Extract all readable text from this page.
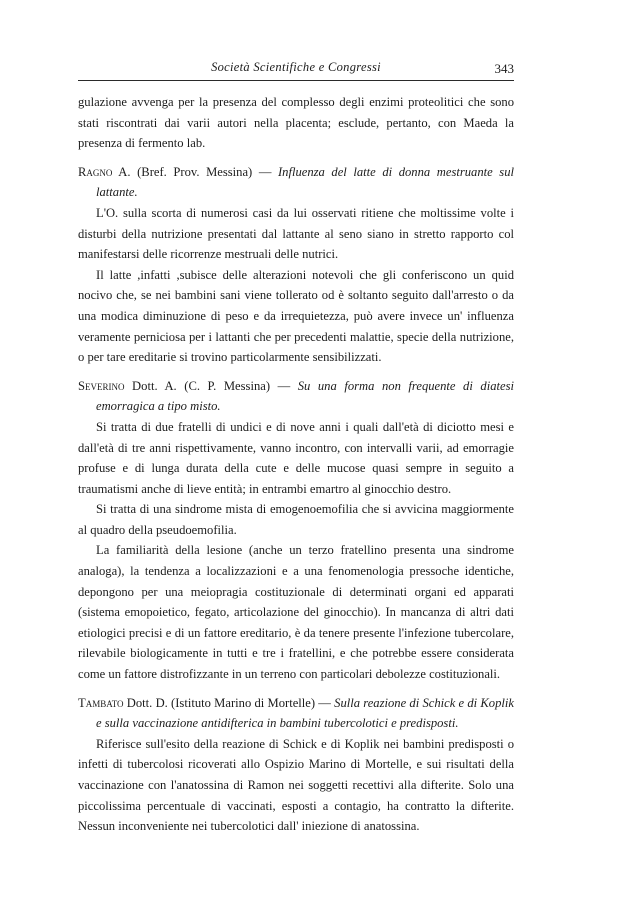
Società Scientifiche e Congressi	343

gulazione avvenga per la presenza del complesso degli enzimi proteolitici che sono stati riscontrati dai varii autori nella placenta; esclude, pertanto, con Maeda la presenza di fermento lab.

Ragno A. (Bref. Prov. Messina) — Influenza del latte di donna mestruante sul lattante.

L'O. sulla scorta di numerosi casi da lui osservati ritiene che moltissime volte i disturbi della nutrizione presentati dal lattante al seno siano in stretto rapporto col manifestarsi delle ricorrenze mestruali delle nutrici.

Il latte ,infatti ,subisce delle alterazioni notevoli che gli conferiscono un quid nocivo che, se nei bambini sani viene tollerato od è soltanto seguito dall'arresto o da una modica diminuzione di peso e da irrequietezza, può avere invece un' influenza veramente perniciosa per i lattanti che per precedenti malattie, specie della nutrizione, o per tare ereditarie si trovino particolarmente sensibilizzati.

Severino Dott. A. (C. P. Messina) — Su una forma non frequente di diatesi emorragica a tipo misto.

Si tratta di due fratelli di undici e di nove anni i quali dall'età di diciotto mesi e dall'età di tre anni rispettivamente, vanno incontro, con intervalli varii, ad emorragie profuse e di lunga durata della cute e delle mucose quasi sempre in seguito a traumatismi anche di lieve entità; in entrambi emartro al ginocchio destro.

Si tratta di una sindrome mista di emogenoemofilia che si avvicina maggiormente al quadro della pseudoemofilia.

La familiarità della lesione (anche un terzo fratellino presenta una sindrome analoga), la tendenza a localizzazioni e a una fenomenologia pressoche identiche, depongono per una meiopragia costituzionale di determinati organi ed apparati (sistema emopoietico, fegato, articolazione del ginocchio). In mancanza di altri dati etiologici precisi e di un fattore ereditario, è da tenere presente l'infezione tubercolare, rilevabile biologicamente in tutti e tre i fratellini, e che potrebbe essere considerata come un fattore distrofizzante in un terreno con particolari debolezze costituzionali.

Tambato Dott. D. (Istituto Marino di Mortelle) — Sulla reazione di Schick e di Koplik e sulla vaccinazione antidifterica in bambini tubercolotici e predisposti.

Riferisce sull'esito della reazione di Schick e di Koplik nei bambini predisposti o infetti di tubercolosi ricoverati allo Ospizio Marino di Mortelle, e sui risultati della vaccinazione con l'anatossina di Ramon nei soggetti recettivi alla difterite. Solo una piccolissima percentuale di vaccinati, esposti a contagio, ha contratto la difterite. Nessun inconveniente nei tubercolotici dall' iniezione di anatossina.
